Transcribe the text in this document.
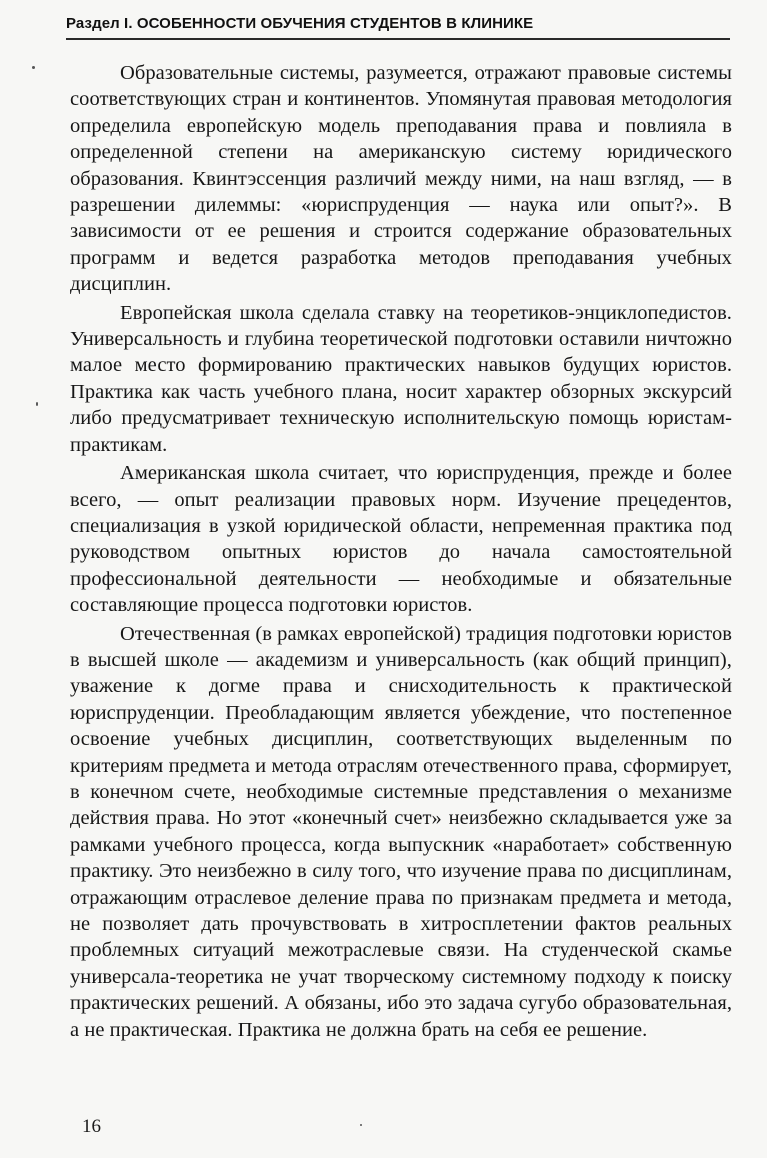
Раздел I. ОСОБЕННОСТИ ОБУЧЕНИЯ СТУДЕНТОВ В КЛИНИКЕ

Образовательные системы, разумеется, отражают правовые системы соответствующих стран и континентов. Упомянутая правовая методология определила европейскую модель преподавания права и повлияла в определенной степени на американскую систему юридического образования. Квинтэссенция различий между ними, на наш взгляд, — в разрешении дилеммы: «юриспруденция — наука или опыт?». В зависимости от ее решения и строится содержание образовательных программ и ведется разработка методов преподавания учебных дисциплин.

Европейская школа сделала ставку на теоретиков-энциклопедистов. Универсальность и глубина теоретической подготовки оставили ничтожно малое место формированию практических навыков будущих юристов. Практика как часть учебного плана, носит характер обзорных экскурсий либо предусматривает техническую исполнительскую помощь юристам-практикам.

Американская школа считает, что юриспруденция, прежде и более всего, — опыт реализации правовых норм. Изучение прецедентов, специализация в узкой юридической области, непременная практика под руководством опытных юристов до начала самостоятельной профессиональной деятельности — необходимые и обязательные составляющие процесса подготовки юристов.

Отечественная (в рамках европейской) традиция подготовки юристов в высшей школе — академизм и универсальность (как общий принцип), уважение к догме права и снисходительность к практической юриспруденции. Преобладающим является убеждение, что постепенное освоение учебных дисциплин, соответствующих выделенным по критериям предмета и метода отраслям отечественного права, сформирует, в конечном счете, необходимые системные представления о механизме действия права. Но этот «конечный счет» неизбежно складывается уже за рамками учебного процесса, когда выпускник «наработает» собственную практику. Это неизбежно в силу того, что изучение права по дисциплинам, отражающим отраслевое деление права по признакам предмета и метода, не позволяет дать прочувствовать в хитросплетении фактов реальных проблемных ситуаций межотраслевые связи. На студенческой скамье универсала-теоретика не учат творческому системному подходу к поиску практических решений. А обязаны, ибо это задача сугубо образовательная, а не практическая. Практика не должна брать на себя ее решение.

16
